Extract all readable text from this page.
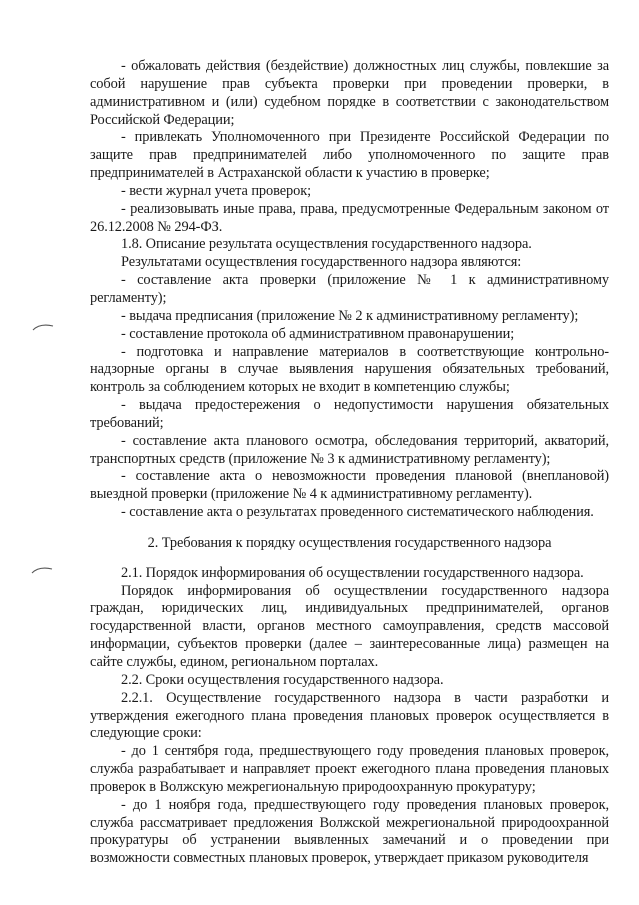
- обжаловать действия (бездействие) должностных лиц службы, повлекшие за собой нарушение прав субъекта проверки при проведении проверки, в административном и (или) судебном порядке в соответствии с законодательством Российской Федерации;

- привлекать Уполномоченного при Президенте Российской Федерации по защите прав предпринимателей либо уполномоченного по защите прав предпринимателей в Астраханской области к участию в проверке;

- вести журнал учета проверок;

- реализовывать иные права, права, предусмотренные Федеральным законом от 26.12.2008 № 294-ФЗ.

1.8. Описание результата осуществления государственного надзора.

Результатами осуществления государственного надзора являются:

- составление акта проверки (приложение № 1 к административному регламенту);

- выдача предписания (приложение № 2 к административному регламенту);

- составление протокола об административном правонарушении;

- подготовка и направление материалов в соответствующие контрольно-надзорные органы в случае выявления нарушения обязательных требований, контроль за соблюдением которых не входит в компетенцию службы;

- выдача предостережения о недопустимости нарушения обязательных требований;

- составление акта планового осмотра, обследования территорий, акваторий, транспортных средств (приложение № 3 к административному регламенту);

- составление акта о невозможности проведения плановой (внеплановой) выездной проверки (приложение № 4 к административному регламенту).

- составление акта о результатах проведенного систематического наблюдения.

2. Требования к порядку осуществления государственного надзора

2.1. Порядок информирования об осуществлении государственного надзора.

Порядок информирования об осуществлении государственного надзора граждан, юридических лиц, индивидуальных предпринимателей, органов государственной власти, органов местного самоуправления, средств массовой информации, субъектов проверки (далее – заинтересованные лица) размещен на сайте службы, едином, региональном порталах.

2.2. Сроки осуществления государственного надзора.

2.2.1. Осуществление государственного надзора в части разработки и утверждения ежегодного плана проведения плановых проверок осуществляется в следующие сроки:

- до 1 сентября года, предшествующего году проведения плановых проверок, служба разрабатывает и направляет проект ежегодного плана проведения плановых проверок в Волжскую межрегиональную природоохранную прокуратуру;

- до 1 ноября года, предшествующего году проведения плановых проверок, служба рассматривает предложения Волжской межрегиональной природоохранной прокуратуры об устранении выявленных замечаний и о проведении при возможности совместных плановых проверок, утверждает приказом руководителя
